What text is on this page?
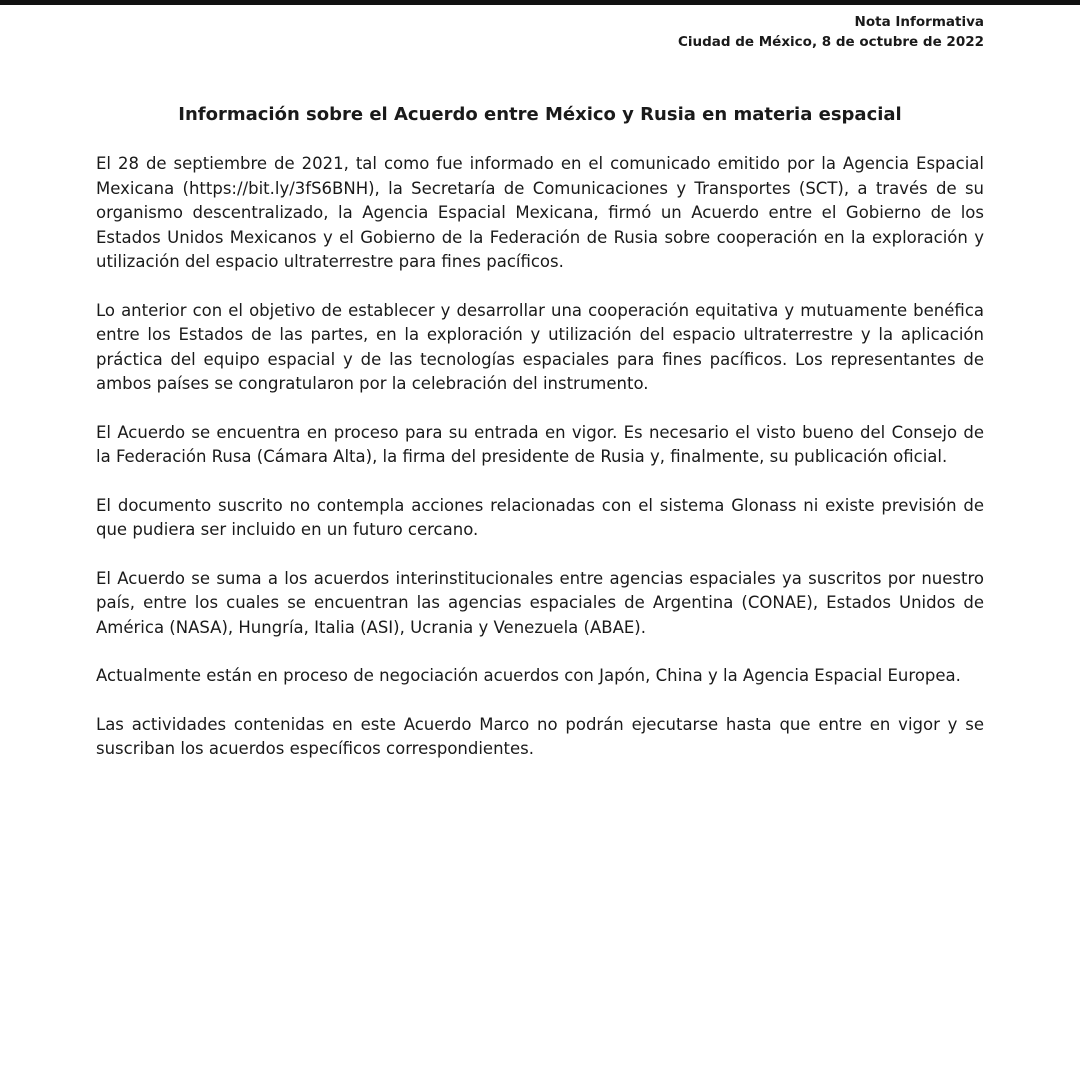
Nota Informativa
Ciudad de México, 8 de octubre de 2022
Información sobre el Acuerdo entre México y Rusia en materia espacial

El 28 de septiembre de 2021, tal como fue informado en el comunicado emitido por la Agencia Espacial Mexicana (https://bit.ly/3fS6BNH), la Secretaría de Comunicaciones y Transportes (SCT), a través de su organismo descentralizado, la Agencia Espacial Mexicana, firmó un Acuerdo entre el Gobierno de los Estados Unidos Mexicanos y el Gobierno de la Federación de Rusia sobre cooperación en la exploración y utilización del espacio ultraterrestre para fines pacíficos.

Lo anterior con el objetivo de establecer y desarrollar una cooperación equitativa y mutuamente benéfica entre los Estados de las partes, en la exploración y utilización del espacio ultraterrestre y la aplicación práctica del equipo espacial y de las tecnologías espaciales para fines pacíficos. Los representantes de ambos países se congratularon por la celebración del instrumento.

El Acuerdo se encuentra en proceso para su entrada en vigor. Es necesario el visto bueno del Consejo de la Federación Rusa (Cámara Alta), la firma del presidente de Rusia y, finalmente, su publicación oficial.

El documento suscrito no contempla acciones relacionadas con el sistema Glonass ni existe previsión de que pudiera ser incluido en un futuro cercano.

El Acuerdo se suma a los acuerdos interinstitucionales entre agencias espaciales ya suscritos por nuestro país, entre los cuales se encuentran las agencias espaciales de Argentina (CONAE), Estados Unidos de América (NASA), Hungría, Italia (ASI), Ucrania y Venezuela (ABAE).

Actualmente están en proceso de negociación acuerdos con Japón, China y la Agencia Espacial Europea.

Las actividades contenidas en este Acuerdo Marco no podrán ejecutarse hasta que entre en vigor y se suscriban los acuerdos específicos correspondientes.
